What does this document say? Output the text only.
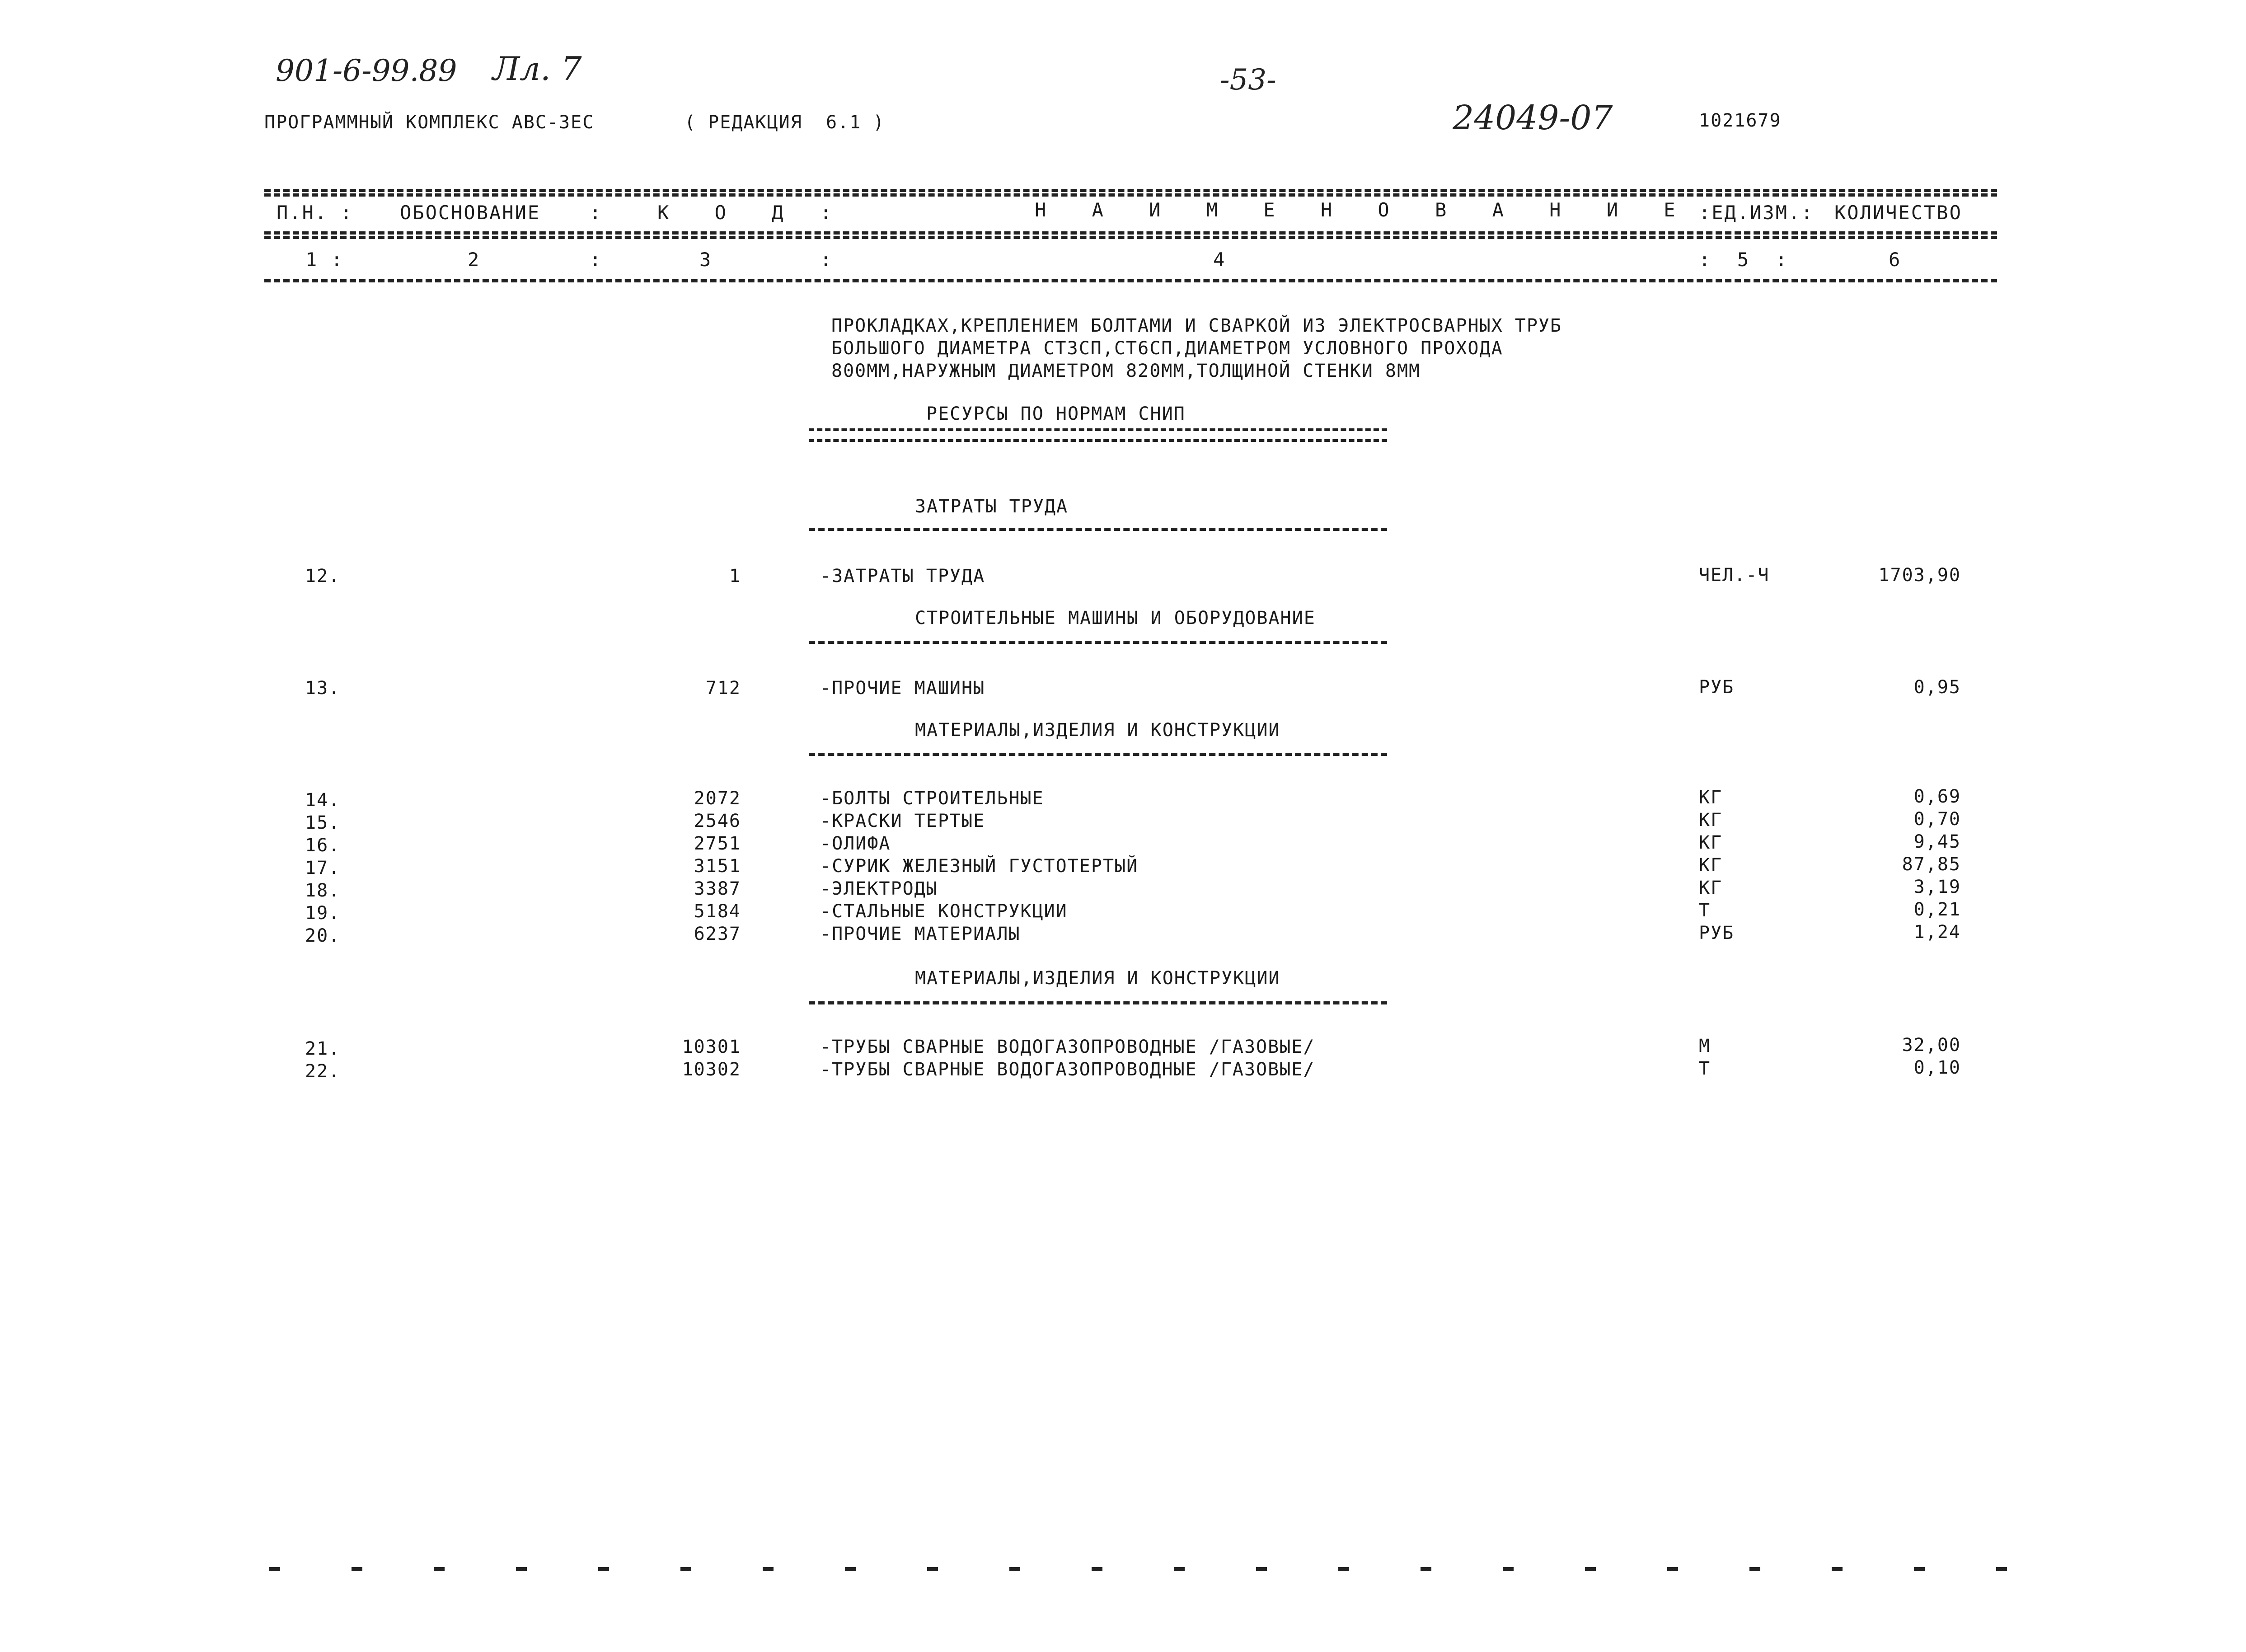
901-6-99.89 Лл. 7	-53-
24049-07
ПРОГРАММНЫЙ КОМПЛЕКС АВС-3ЕС	( РЕДАКЦИЯ  6.1 )	1021679
П.Н. : ОБОСНОВАНИЕ	:	К О Д :	Н А И М Е Н О В А Н И Е :ЕД.ИЗМ.: КОЛИЧЕСТВО
1 :	2	:	3	:	4	:  5  :	6
ПРОКЛАДКАХ,КРЕПЛЕНИЕМ БОЛТАМИ И СВАРКОЙ ИЗ ЭЛЕКТРОСВАРНЫХ ТРУБ
БОЛЬШОГО ДИАМЕТРА СТ3СП,СТ6СП,ДИАМЕТРОМ УСЛОВНОГО ПРОХОДА
800ММ,НАРУЖНЫМ ДИАМЕТРОМ 820ММ,ТОЛЩИНОЙ СТЕНКИ 8ММ
РЕСУРСЫ ПО НОРМАМ СНИП
ЗАТРАТЫ ТРУДА
12.	1	-ЗАТРАТЫ ТРУДА	ЧЕЛ.-Ч	1703,90
СТРОИТЕЛЬНЫЕ МАШИНЫ И ОБОРУДОВАНИЕ
13.	712	-ПРОЧИЕ МАШИНЫ	РУБ	0,95
МАТЕРИАЛЫ,ИЗДЕЛИЯ И КОНСТРУКЦИИ
14.	2072	-БОЛТЫ СТРОИТЕЛЬНЫЕ	КГ	0,69
15.	2546	-КРАСКИ ТЕРТЫЕ	КГ	0,70
16.	2751	-ОЛИФА	КГ	9,45
17.	3151	-СУРИК ЖЕЛЕЗНЫЙ ГУСТОТЕРТЫЙ	КГ	87,85
18.	3387	-ЭЛЕКТРОДЫ	КГ	3,19
19.	5184	-СТАЛЬНЫЕ КОНСТРУКЦИИ	Т	0,21
20.	6237	-ПРОЧИЕ МАТЕРИАЛЫ	РУБ	1,24
МАТЕРИАЛЫ,ИЗДЕЛИЯ И КОНСТРУКЦИИ
21.	10301	-ТРУБЫ СВАРНЫЕ ВОДОГАЗОПРОВОДНЫЕ /ГАЗОВЫЕ/	М	32,00
22.	10302	-ТРУБЫ СВАРНЫЕ ВОДОГАЗОПРОВОДНЫЕ /ГАЗОВЫЕ/	Т	0,10
